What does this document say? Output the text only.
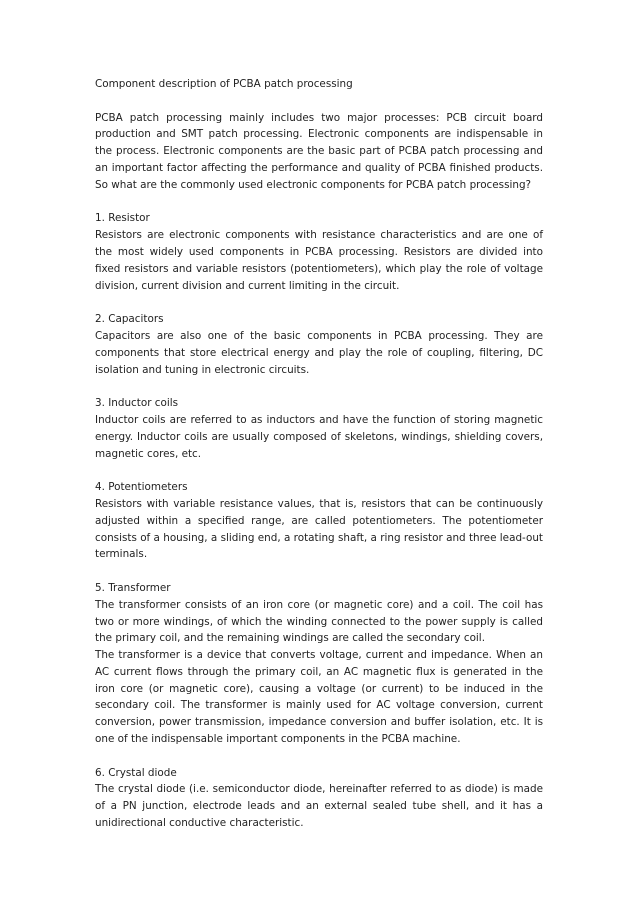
Component description of PCBA patch processing

PCBA patch processing mainly includes two major processes: PCB circuit board production and SMT patch processing. Electronic components are indispensable in the process. Electronic components are the basic part of PCBA patch processing and an important factor affecting the performance and quality of PCBA finished products. So what are the commonly used electronic components for PCBA patch processing?

1. Resistor

Resistors are electronic components with resistance characteristics and are one of the most widely used components in PCBA processing. Resistors are divided into fixed resistors and variable resistors (potentiometers), which play the role of voltage division, current division and current limiting in the circuit.

2. Capacitors

Capacitors are also one of the basic components in PCBA processing. They are components that store electrical energy and play the role of coupling, filtering, DC isolation and tuning in electronic circuits.

3. Inductor coils

Inductor coils are referred to as inductors and have the function of storing magnetic energy. Inductor coils are usually composed of skeletons, windings, shielding covers, magnetic cores, etc.

4. Potentiometers

Resistors with variable resistance values, that is, resistors that can be continuously adjusted within a specified range, are called potentiometers. The potentiometer consists of a housing, a sliding end, a rotating shaft, a ring resistor and three lead-out terminals.

5. Transformer

The transformer consists of an iron core (or magnetic core) and a coil. The coil has two or more windings, of which the winding connected to the power supply is called the primary coil, and the remaining windings are called the secondary coil.

The transformer is a device that converts voltage, current and impedance. When an AC current flows through the primary coil, an AC magnetic flux is generated in the iron core (or magnetic core), causing a voltage (or current) to be induced in the secondary coil. The transformer is mainly used for AC voltage conversion, current conversion, power transmission, impedance conversion and buffer isolation, etc. It is one of the indispensable important components in the PCBA machine.

6. Crystal diode

The crystal diode (i.e. semiconductor diode, hereinafter referred to as diode) is made of a PN junction, electrode leads and an external sealed tube shell, and it has a unidirectional conductive characteristic.
